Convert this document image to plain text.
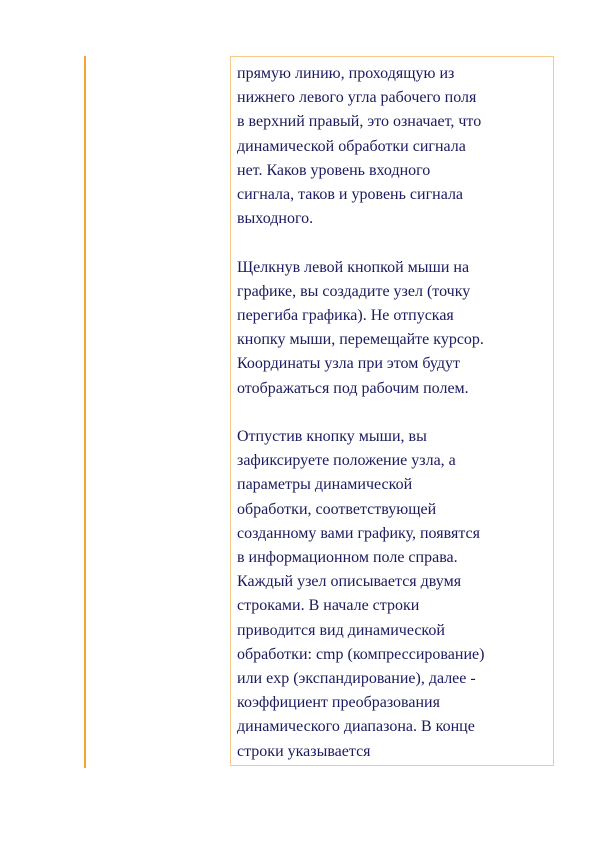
прямую линию, проходящую из
нижнего левого угла рабочего поля
в верхний правый, это означает, что
динамической обработки сигнала
нет. Каков уровень входного
сигнала, таков и уровень сигнала
выходного.

Щелкнув левой кнопкой мыши на
графике, вы создадите узел (точку
перегиба графика). Не отпуская
кнопку мыши, перемещайте курсор.
Координаты узла при этом будут
отображаться под рабочим полем.

Отпустив кнопку мыши, вы
зафиксируете положение узла, а
параметры динамической
обработки, соответствующей
созданному вами графику, появятся
в информационном поле справа.
Каждый узел описывается двумя
строками. В начале строки
приводится вид динамической
обработки: cmp (компрессирование)
или exp (экспандирование), далее -
коэффициент преобразования
динамического диапазона. В конце
строки указывается
